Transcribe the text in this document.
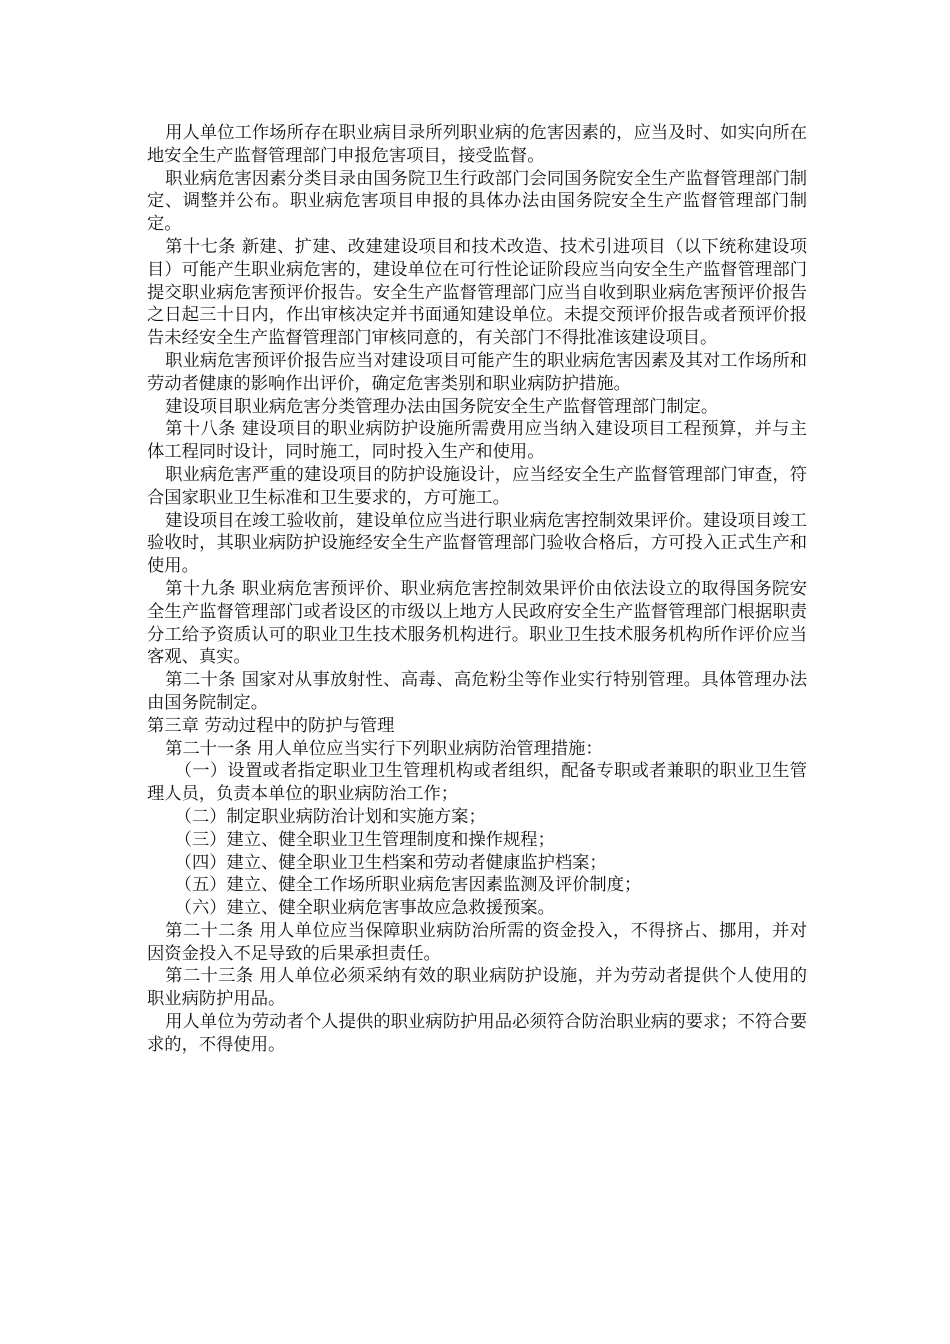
用人单位工作场所存在职业病目录所列职业病的危害因素的，应当及时、如实向所在地安全生产监督管理部门申报危害项目，接受监督。

职业病危害因素分类目录由国务院卫生行政部门会同国务院安全生产监督管理部门制定、调整并公布。职业病危害项目申报的具体办法由国务院安全生产监督管理部门制定。

第十七条 新建、扩建、改建建设项目和技术改造、技术引进项目（以下统称建设项目）可能产生职业病危害的，建设单位在可行性论证阶段应当向安全生产监督管理部门提交职业病危害预评价报告。安全生产监督管理部门应当自收到职业病危害预评价报告之日起三十日内，作出审核决定并书面通知建设单位。未提交预评价报告或者预评价报告未经安全生产监督管理部门审核同意的，有关部门不得批准该建设项目。

职业病危害预评价报告应当对建设项目可能产生的职业病危害因素及其对工作场所和劳动者健康的影响作出评价，确定危害类别和职业病防护措施。

建设项目职业病危害分类管理办法由国务院安全生产监督管理部门制定。

第十八条 建设项目的职业病防护设施所需费用应当纳入建设项目工程预算，并与主体工程同时设计，同时施工，同时投入生产和使用。

职业病危害严重的建设项目的防护设施设计，应当经安全生产监督管理部门审查，符合国家职业卫生标准和卫生要求的，方可施工。

建设项目在竣工验收前，建设单位应当进行职业病危害控制效果评价。建设项目竣工验收时，其职业病防护设施经安全生产监督管理部门验收合格后，方可投入正式生产和使用。

第十九条 职业病危害预评价、职业病危害控制效果评价由依法设立的取得国务院安全生产监督管理部门或者设区的市级以上地方人民政府安全生产监督管理部门根据职责分工给予资质认可的职业卫生技术服务机构进行。职业卫生技术服务机构所作评价应当客观、真实。

第二十条 国家对从事放射性、高毒、高危粉尘等作业实行特别管理。具体管理办法由国务院制定。

第三章 劳动过程中的防护与管理

第二十一条 用人单位应当实行下列职业病防治管理措施：

（一）设置或者指定职业卫生管理机构或者组织，配备专职或者兼职的职业卫生管理人员，负责本单位的职业病防治工作；

（二）制定职业病防治计划和实施方案；

（三）建立、健全职业卫生管理制度和操作规程；

（四）建立、健全职业卫生档案和劳动者健康监护档案；

（五）建立、健全工作场所职业病危害因素监测及评价制度；

（六）建立、健全职业病危害事故应急救援预案。

第二十二条 用人单位应当保障职业病防治所需的资金投入，不得挤占、挪用，并对因资金投入不足导致的后果承担责任。

第二十三条 用人单位必须采纳有效的职业病防护设施，并为劳动者提供个人使用的职业病防护用品。

用人单位为劳动者个人提供的职业病防护用品必须符合防治职业病的要求；不符合要求的，不得使用。
